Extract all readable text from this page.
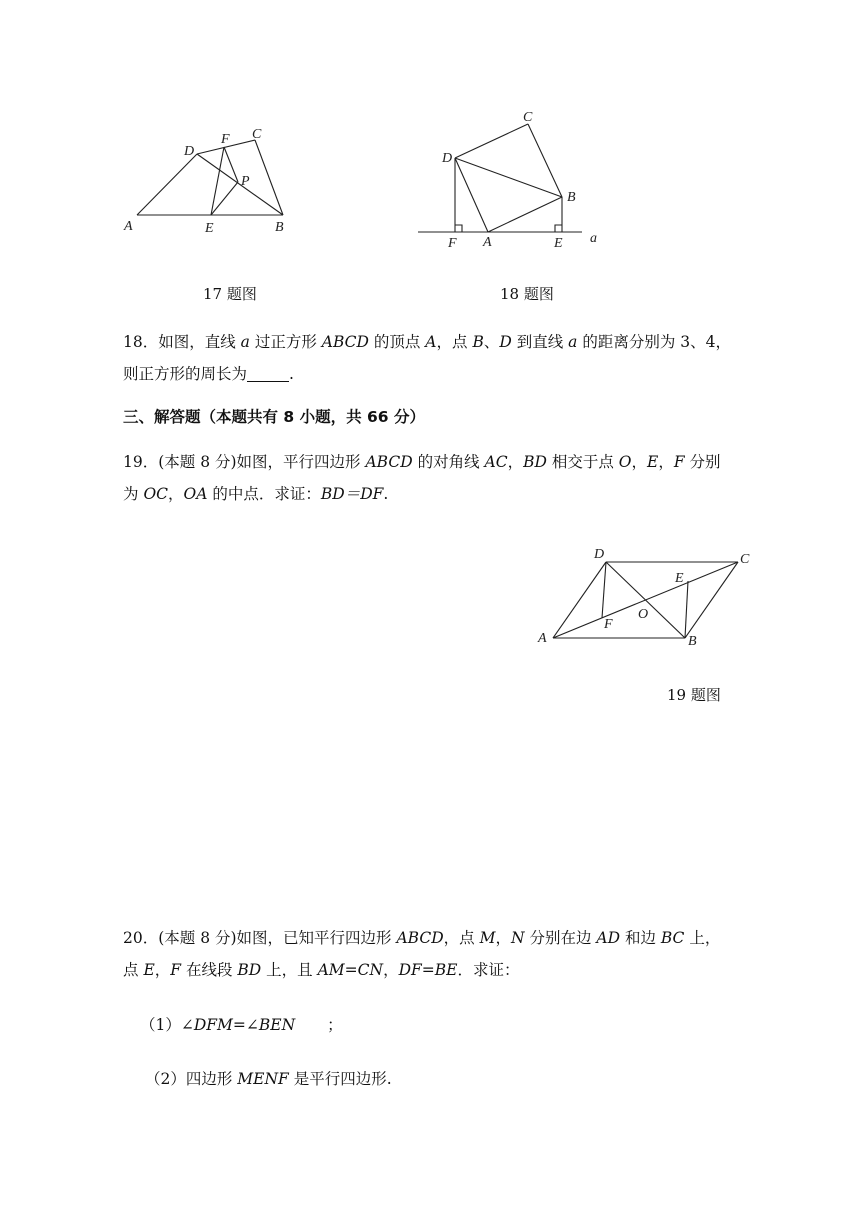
A	B
C
D
E
F
P
17 题图
D
C
B
F A	E a
18 题图
18．如图，直线 a 过正方形 ABCD 的顶点 A，点 B、D 到直线 a 的距离分别为 3、4，
则正方形的周长为	.
三、解答题（本题共有 8 小题，共 66 分）
19．(本题 8 分)如图，平行四边形 ABCD 的对角线 AC，BD 相交于点 O，E，F 分别
为 OC，OA 的中点．求证：BD＝DF.
D	C
A	B
E
F
O
19 题图
20．(本题 8 分)如图，已知平行四边形 ABCD，点 M，N 分别在边 AD 和边 BC 上，
点 E，F 在线段 BD 上，且 AM=CN，DF=BE．求证：
（1）∠DFM=∠BEN ；
（2）四边形 MENF 是平行四边形.
